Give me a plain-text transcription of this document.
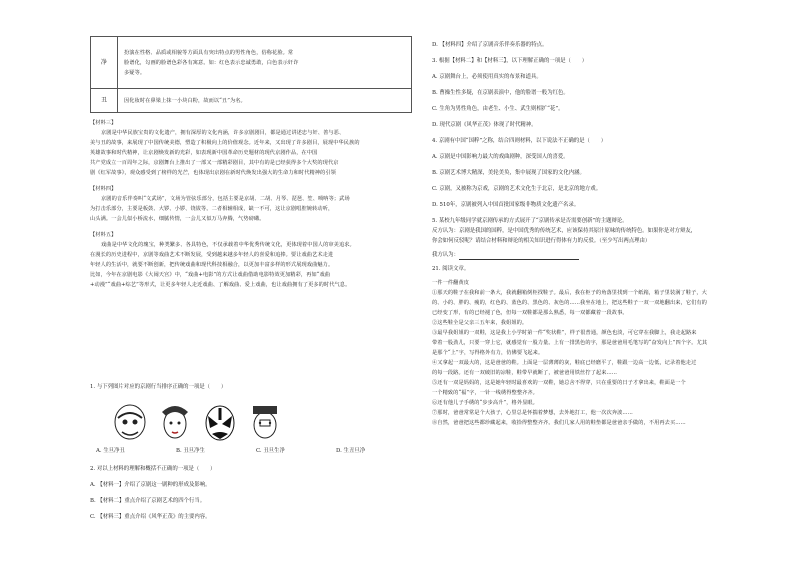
净	扮演在性格、品质或相貌等方面具有突出特点的男性角色，俗称花脸。常

脸谱化，勾画的脸谱色彩各有寓意。如：红色表示忠诚勇敢，白色表示奸诈

多疑等。

丑	因化妆时在鼻梁上抹一小块白粉，故而以“丑”为名。

【材料三】

京剧是中华民族宝贵的文化遗产，拥有深厚的文化内涵，许多京剧剧目，都是通过讲述忠与奸、善与恶、

美与丑的故事，来展现了中国传统美德，塑造了积极向上的价值观念。近年来，又出现了许多剧目，展现中华民族的

英雄故事和时代精神，让京剧焕发新的光彩，如表现新中国革命历史题材的现代京剧作品，在中国

共产党成立一百周年之际，京剧舞台上推出了一部又一部精彩剧目，其中有的是已经获得多个大奖的现代京

剧《红军故事》，观众感受到了榜样的光芒，也体现出京剧在新时代焕发出强大的生命力和时代精神的引领

【材料四】

京剧的音乐伴奏叫“文武场”，文场为管弦乐部分，包括主要是京胡、二胡、月琴、琵琶、笙、唢呐等；武场

为打击乐部分，主要是板鼓、大锣、小锣、铙钹等。二者相辅相成，缺一不可，这让京剧唱腔婉转动听，

山头满。一会儿似小桥流水，细腻传情，一会儿又似万马奔腾，气势磅礴。

【材料五】

戏曲是中华文化的瑰宝，种类繁多、各具特色，不仅承载着中华优秀传统文化，更体现着中国人的审美追求。

在漫长的历史进程中，京剧等戏曲艺术不断发展，受到越来越多年轻人的喜爱和追捧。要让戏曲艺术走进

年轻人的生活中，就要不断创新，把传统戏曲和现代科技相融合，以更加丰富多样的形式展现戏曲魅力。

比如，今年在京剧电影《大闹天宫》中，“戏曲+电影”的方式让戏曲借助电影特效更加精彩，再如“戏曲

+动漫”“戏曲+综艺”等形式，让更多年轻人走近戏曲、了解戏曲、爱上戏曲，也让戏曲拥有了更多的时代气息。

1. 与下列图片对应的京剧行当排序正确的一项是（　　）

A. 生旦净丑	B. 丑旦净生	C. 丑旦生净	D. 生丑旦净

2. 对以上材料的理解和概括不正确的一项是（　　）

A. 【材料一】介绍了京剧这一剧种的形成及影响。

B. 【材料二】重点介绍了京剧艺术的四个行当。

C. 【材料三】重点介绍《风华正茂》的主要内容。

D. 【材料四】介绍了京剧音乐伴奏乐器的特点。

3. 根据【材料二】和【材料三】，以下理解正确的一项是（　　）

A. 京剧舞台上，必须使用真实的布景和道具。

B. 曹操生性多疑，在京剧表演中，他的脸谱一般为红色。

C. 生角为男性角色，由老生、小生、武生则相扩“花”。

D. 现代京剧《风华正茂》体现了时代精神。

4. 京剧有中国“国粹”之称，结合四则材料，以下说法不正确的是（　　）

A. 京剧是中国影响力最大的戏曲剧种，深受国人的喜爱。

B. 京剧艺术博大精深，美轮美奂，集中展现了国家的文化内涵。

C. 京剧，又被称为京戏，京剧的艺术文化生于北京，是北京的地方戏。

D. 510年，京剧被列入中国首批国家级非物质文化遗产名录。

5. 某校九年级同学就京剧传承的方式展开了“京剧传承是否需要创新”的主题辩论。

反方认为：京剧是我国的国粹，是中国优秀的传统艺术，应该保持其原汁原味的传统特色。如果你是对方辩友，

你会如何反驳呢？请结合材料和辩论的相关知识进行得体有力的反驳。（至少写出两点理由）

我方认为：

21. 阅读文章。

一件一件翻黄皮

①那天的鞋子在我和前一条大，我就翻箱倒柜找鞋子。最后，我在柜子的角落里找到一个纸箱，箱子里装满了鞋子，大

的、小的、胖的、瘦的，红色的、蓝色的、黑色的、灰色的……我坐在地上，把这些鞋子一双一双地翻出来，它们有的

已经变了形，有的已经褪了色，但每一双鞋都是那么熟悉，每一双都藏着一段故事。

②这些鞋全是父亲三五年来，我姐姐的。

③最早我姐姐的一双鞋，这是我上小学时第一件“奖状鞋”，样子很普通，颜色也淡，可它穿在我脚上，我走起路来

带着一股劲儿，只要一穿上它，就感觉有一股力量。上有一排黑色的字，那是爸爸用毛笔写的“奋发向上”四个字。尤其

是那个“上”字，写得格外有力，仿佛要飞起来。

④又拿起一双最大的，这是爸爸的鞋。上面是一层薄薄的灰，鞋底已经磨平了，鞋跟一边高一边低，记录着他走过

的每一段路。还有一双破旧的凉鞋，鞋带早就断了，被爸爸用铁丝拧了起来……

⑤还有一双是妈妈的，这是她年轻时最喜欢的一双鞋，她总舍不得穿，只在重要的日子才拿出来，鞋面是一个

一个精致的“福”字，一针一线绣得整整齐齐。

⑥还有他儿子手绣的“步步高升”，格外显眼。

⑦那时，爸爸常常是个大孩子，心里总是怀揣着梦想，去外地打工，他一次次奔波……

⑧自然，爸爸把这些都珍藏起来，收拾得整整齐齐。我们几家人用的鞋垫都是爸爸亲手做的，不用再去买……
